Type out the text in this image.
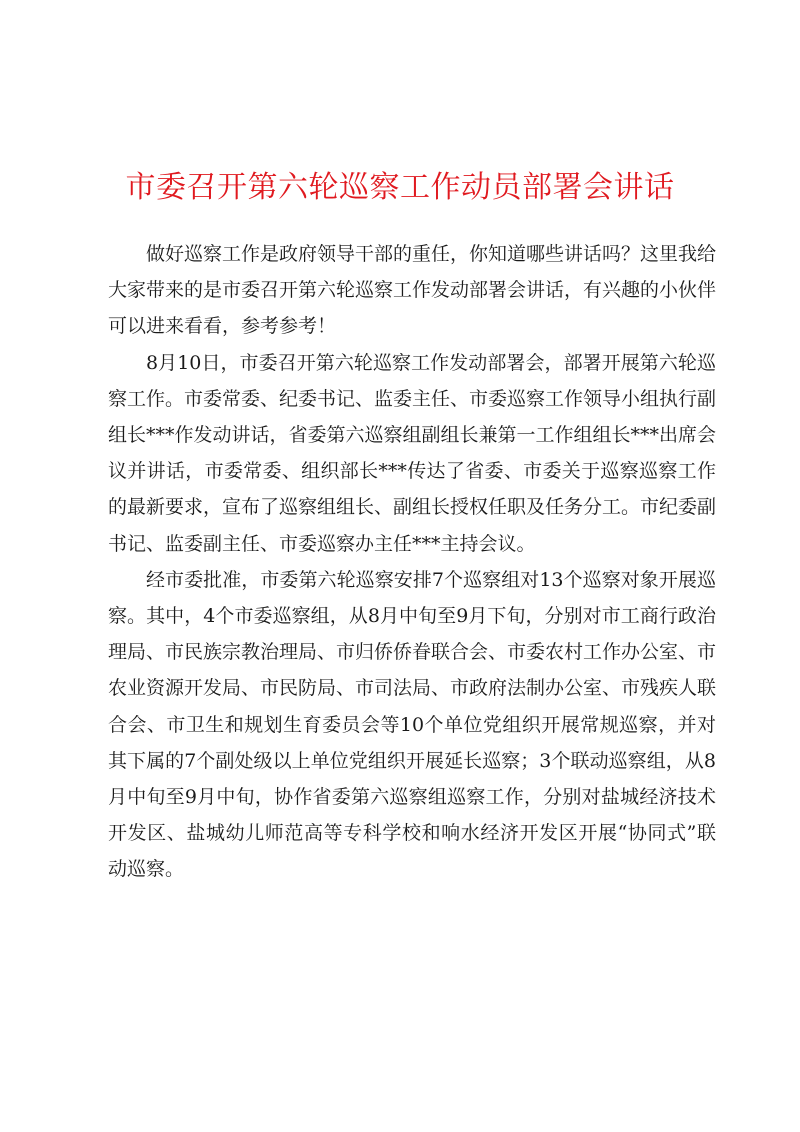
市委召开第六轮巡察工作动员部署会讲话

做好巡察工作是政府领导干部的重任，你知道哪些讲话吗？这里我给大家带来的是市委召开第六轮巡察工作发动部署会讲话，有兴趣的小伙伴可以进来看看，参考参考！

8月10日，市委召开第六轮巡察工作发动部署会，部署开展第六轮巡察工作。市委常委、纪委书记、监委主任、市委巡察工作领导小组执行副组长***作发动讲话，省委第六巡察组副组长兼第一工作组组长***出席会议并讲话，市委常委、组织部长***传达了省委、市委关于巡察巡察工作的最新要求，宣布了巡察组组长、副组长授权任职及任务分工。市纪委副书记、监委副主任、市委巡察办主任***主持会议。

经市委批准，市委第六轮巡察安排7个巡察组对13个巡察对象开展巡察。其中，4个市委巡察组，从8月中旬至9月下旬，分别对市工商行政治理局、市民族宗教治理局、市归侨侨眷联合会、市委农村工作办公室、市农业资源开发局、市民防局、市司法局、市政府法制办公室、市残疾人联合会、市卫生和规划生育委员会等10个单位党组织开展常规巡察，并对其下属的7个副处级以上单位党组织开展延长巡察；3个联动巡察组，从8月中旬至9月中旬，协作省委第六巡察组巡察工作，分别对盐城经济技术开发区、盐城幼儿师范高等专科学校和响水经济开发区开展“协同式”联动巡察。
